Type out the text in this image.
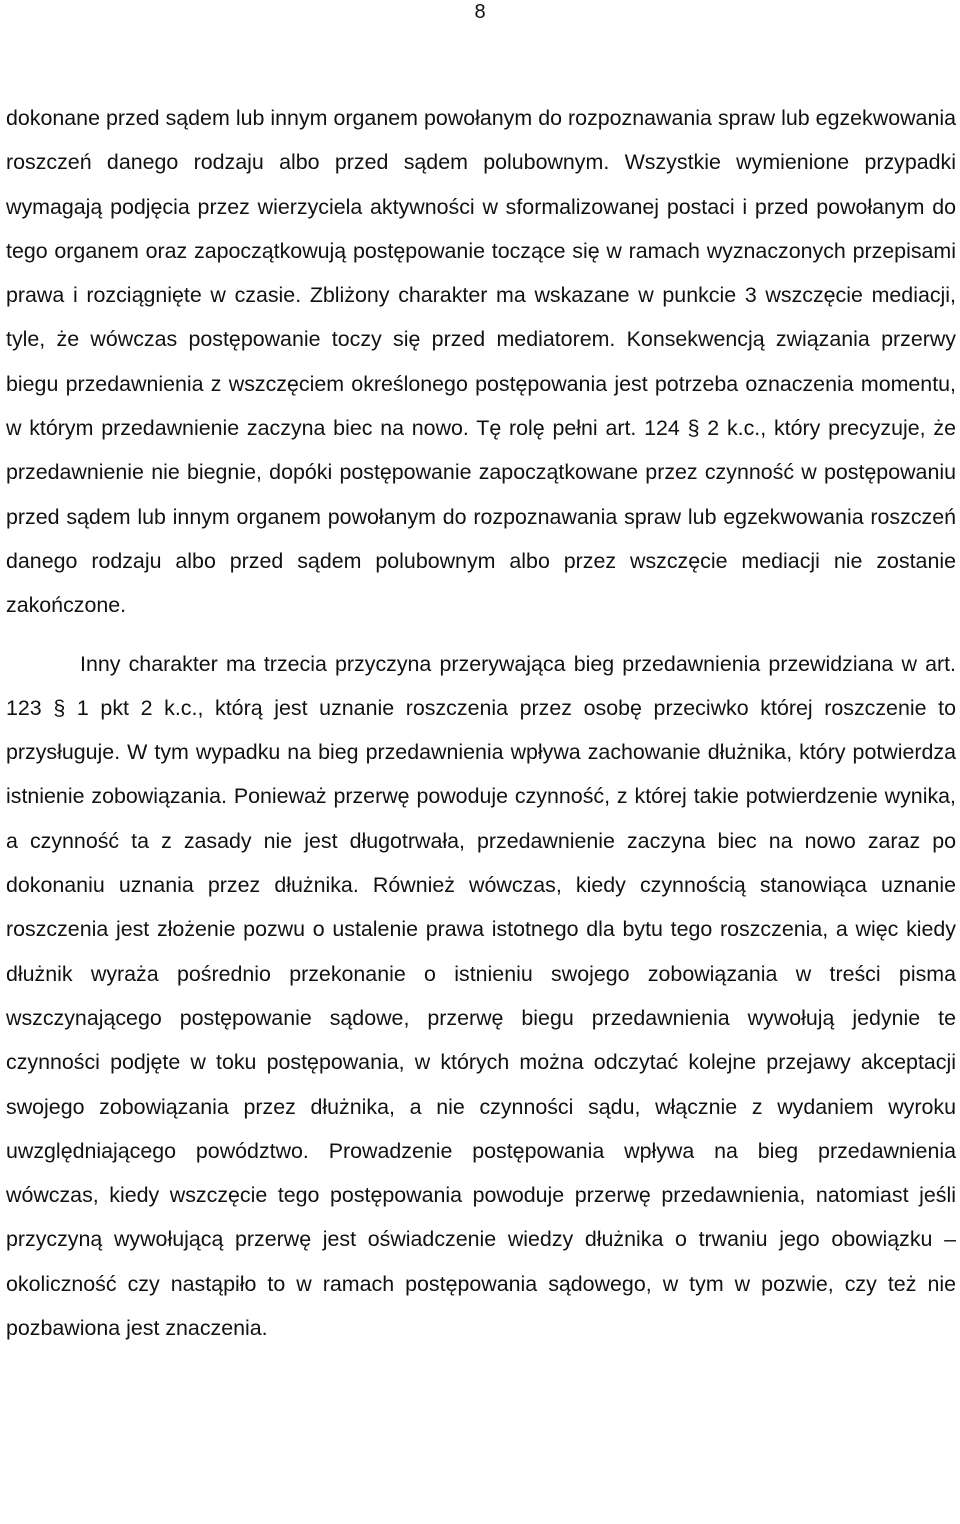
8

dokonane przed sądem lub innym organem powołanym do rozpoznawania spraw lub egzekwowania roszczeń danego rodzaju albo przed sądem polubownym. Wszystkie wymienione przypadki wymagają podjęcia przez wierzyciela aktywności w sformalizowanej postaci i przed powołanym do tego organem oraz zapoczątkowują postępowanie toczące się w ramach wyznaczonych przepisami prawa i rozciągnięte w czasie. Zbliżony charakter ma wskazane w punkcie 3 wszczęcie mediacji, tyle, że wówczas postępowanie toczy się przed mediatorem. Konsekwencją związania przerwy biegu przedawnienia z wszczęciem określonego postępowania jest potrzeba oznaczenia momentu, w którym przedawnienie zaczyna biec na nowo. Tę rolę pełni art. 124 § 2 k.c., który precyzuje, że przedawnienie nie biegnie, dopóki postępowanie zapoczątkowane przez czynność w postępowaniu przed sądem lub innym organem powołanym do rozpoznawania spraw lub egzekwowania roszczeń danego rodzaju albo przed sądem polubownym albo przez wszczęcie mediacji nie zostanie zakończone.

Inny charakter ma trzecia przyczyna przerywająca bieg przedawnienia przewidziana w art. 123 § 1 pkt 2 k.c., którą jest uznanie roszczenia przez osobę przeciwko której roszczenie to przysługuje. W tym wypadku na bieg przedawnienia wpływa zachowanie dłużnika, który potwierdza istnienie zobowiązania. Ponieważ przerwę powoduje czynność, z której takie potwierdzenie wynika, a czynność ta z zasady nie jest długotrwała, przedawnienie zaczyna biec na nowo zaraz po dokonaniu uznania przez dłużnika. Również wówczas, kiedy czynnością stanowiąca uznanie roszczenia jest złożenie pozwu o ustalenie prawa istotnego dla bytu tego roszczenia, a więc kiedy dłużnik wyraża pośrednio przekonanie o istnieniu swojego zobowiązania w treści pisma wszczynającego postępowanie sądowe, przerwę biegu przedawnienia wywołują jedynie te czynności podjęte w toku postępowania, w których można odczytać kolejne przejawy akceptacji swojego zobowiązania przez dłużnika, a nie czynności sądu, włącznie z wydaniem wyroku uwzględniającego powództwo. Prowadzenie postępowania wpływa na bieg przedawnienia wówczas, kiedy wszczęcie tego postępowania powoduje przerwę przedawnienia, natomiast jeśli przyczyną wywołującą przerwę jest oświadczenie wiedzy dłużnika o trwaniu jego obowiązku – okoliczność czy nastąpiło to w ramach postępowania sądowego, w tym w pozwie, czy też nie pozbawiona jest znaczenia.
